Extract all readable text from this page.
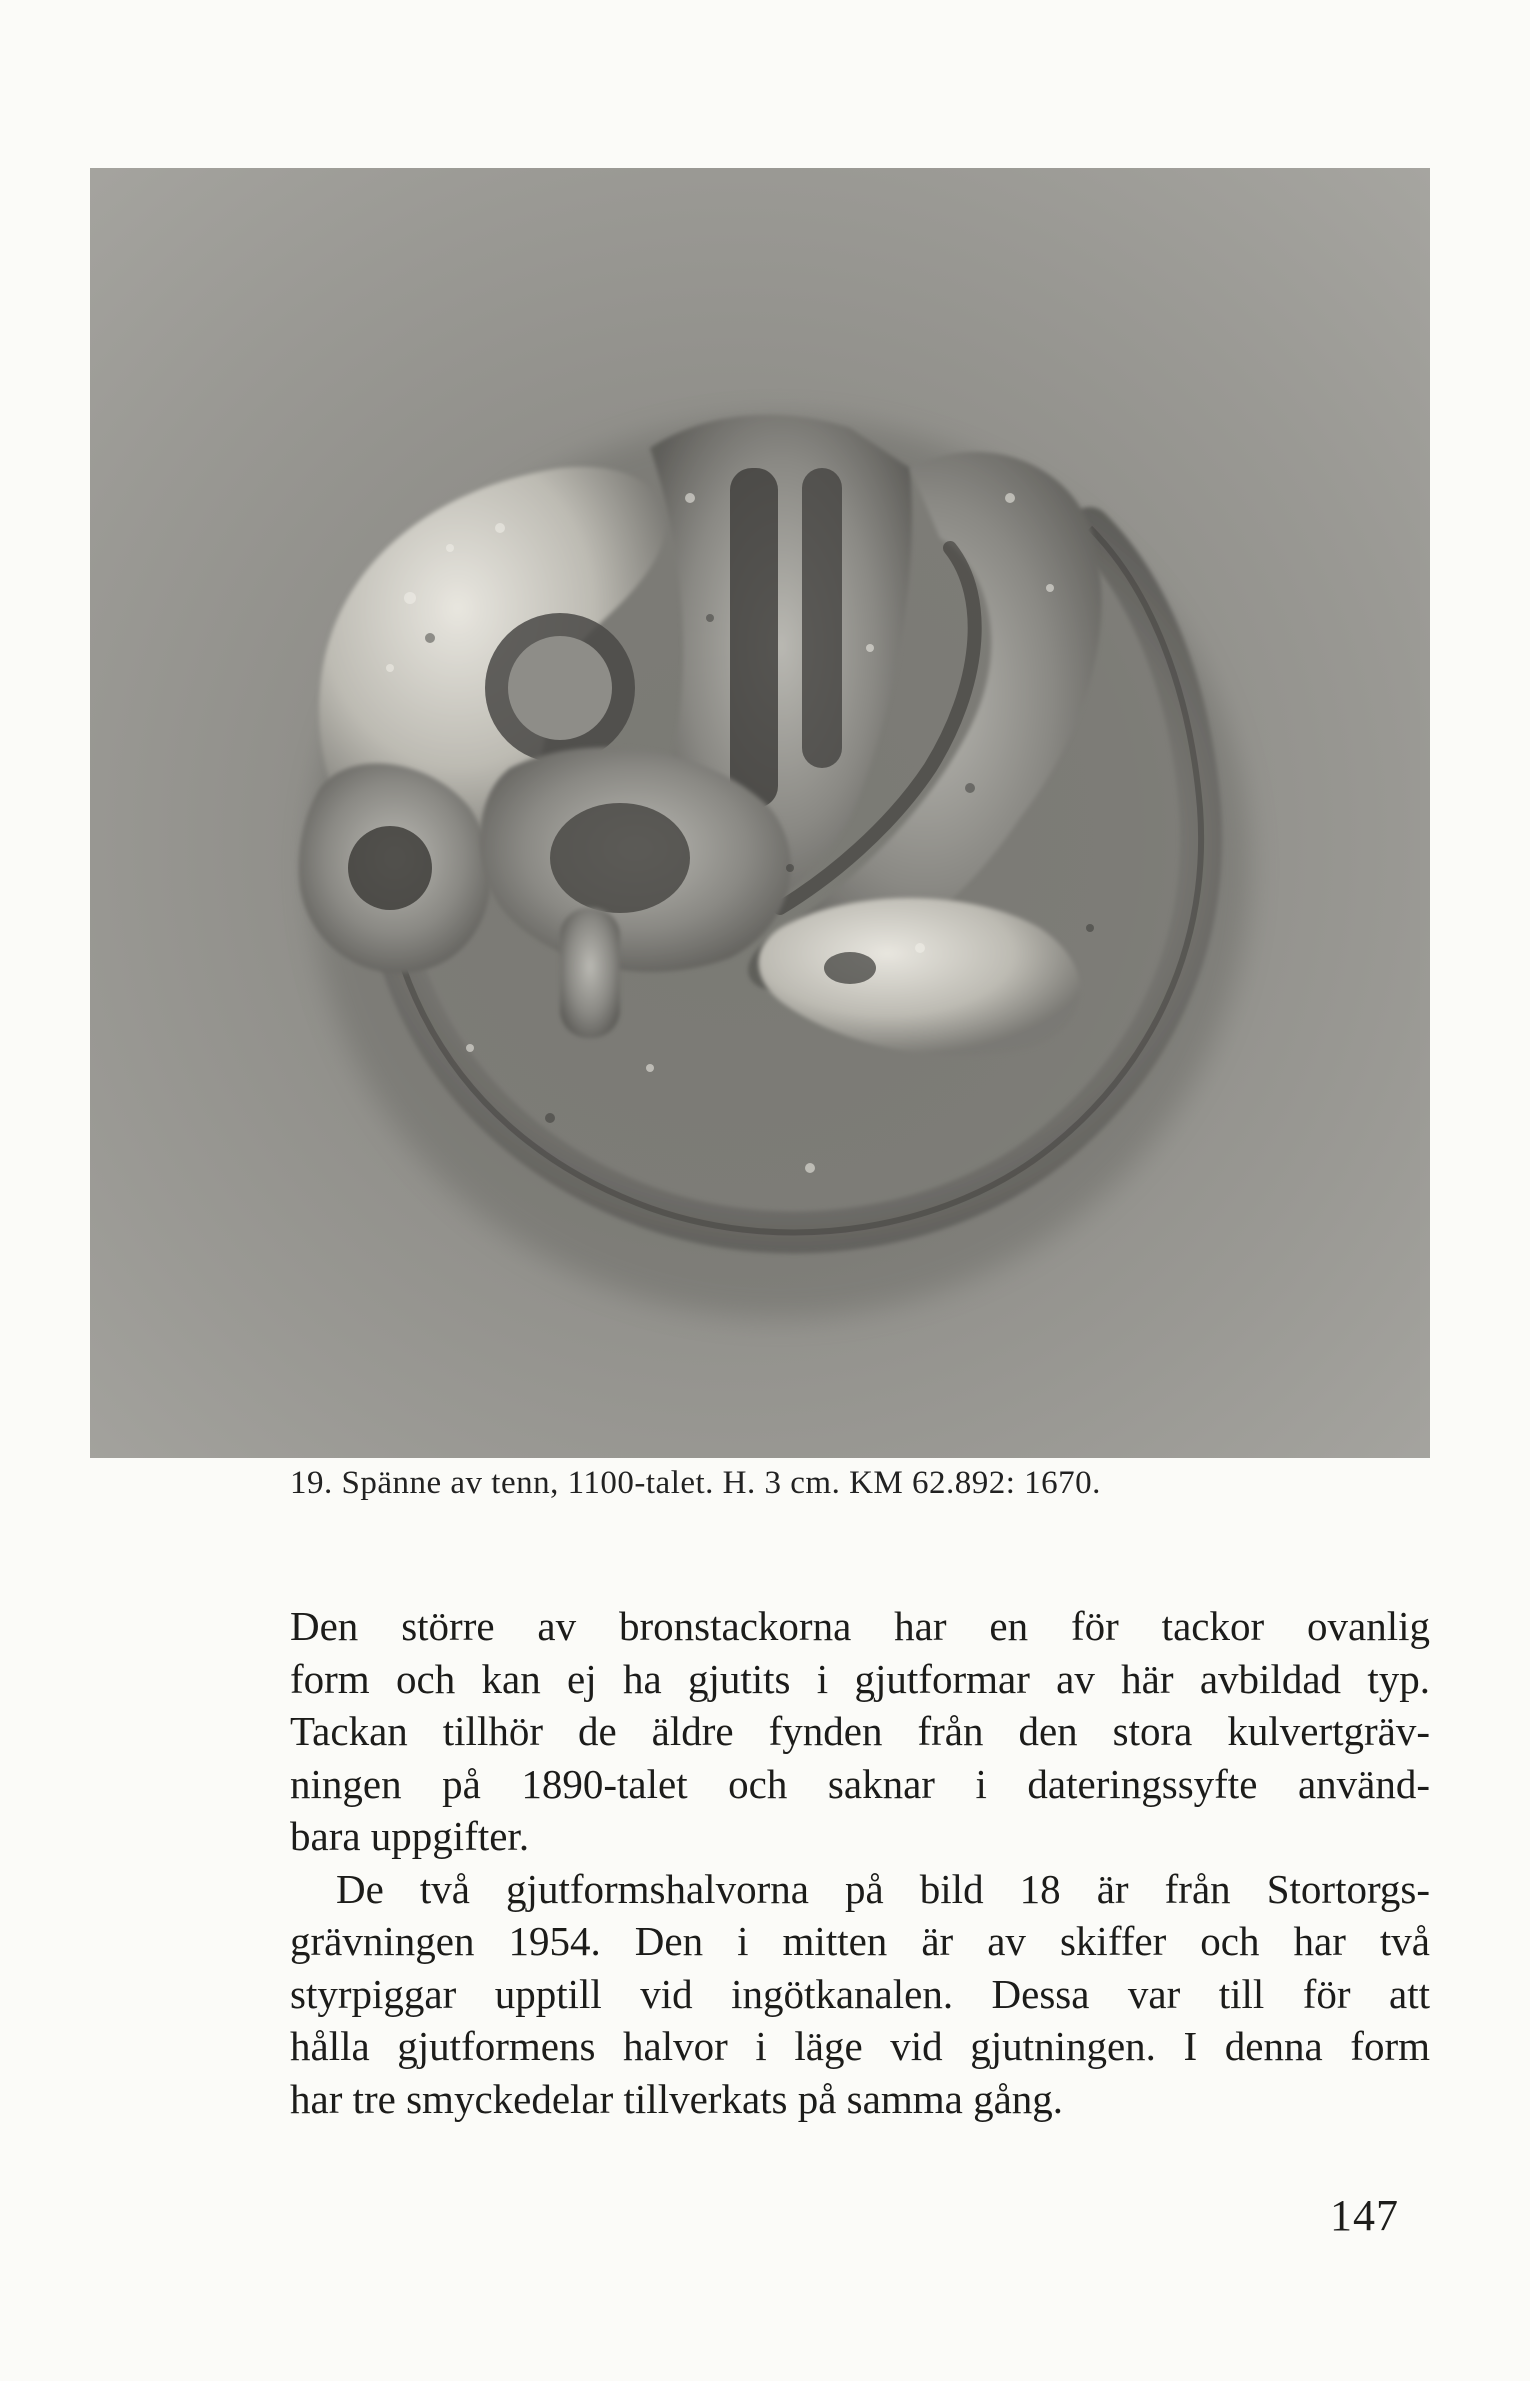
19. Spänne av tenn, 1100-talet. H. 3 cm. KM 62.892: 1670.

Den större av bronstackorna har en för tackor ovanlig
form och kan ej ha gjutits i gjutformar av här avbildad typ.
Tackan tillhör de äldre fynden från den stora kulvertgräv-
ningen på 1890-talet och saknar i dateringssyfte använd-
bara uppgifter.

De två gjutformshalvorna på bild 18 är från Stortorgs-
grävningen 1954. Den i mitten är av skiffer och har två
styrpiggar upptill vid ingötkanalen. Dessa var till för att
hålla gjutformens halvor i läge vid gjutningen. I denna form
har tre smyckedelar tillverkats på samma gång.

147
